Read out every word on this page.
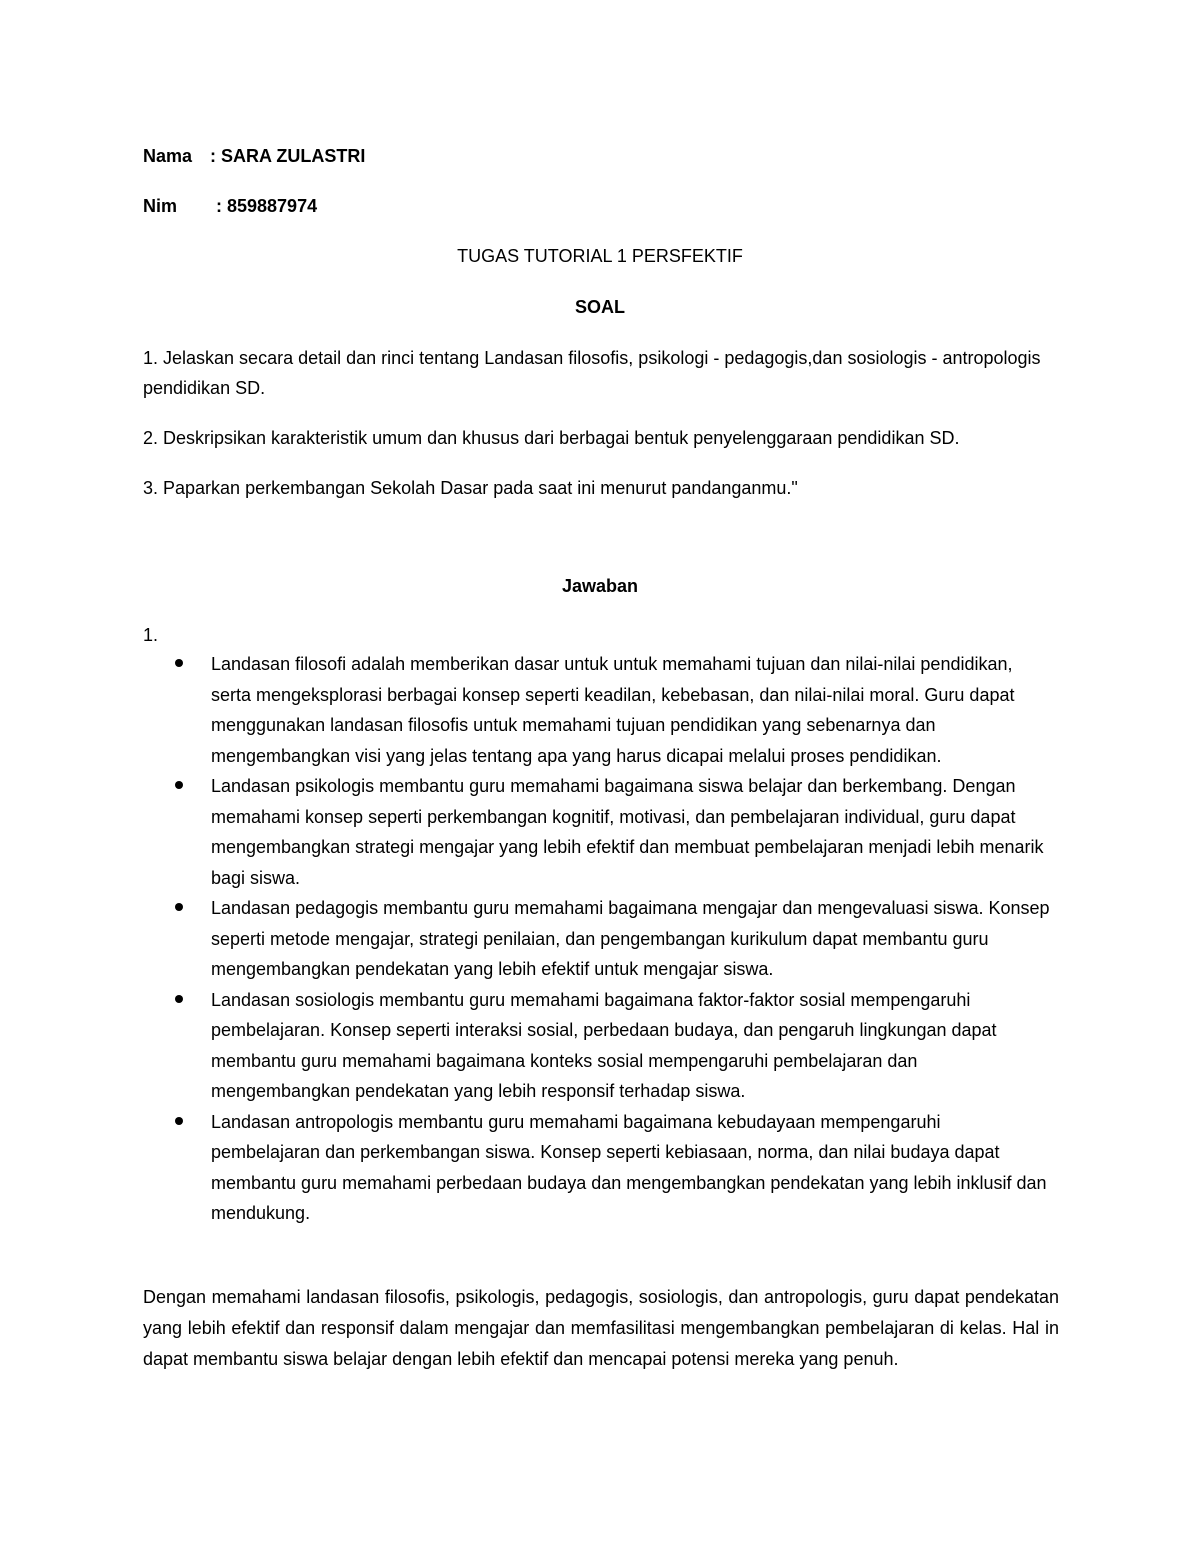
Nama : SARA ZULASTRI
Nim : 859887974
TUGAS TUTORIAL 1 PERSFEKTIF
SOAL
1. Jelaskan secara detail dan rinci tentang Landasan filosofis, psikologi - pedagogis,dan sosiologis - antropologis pendidikan SD.
2. Deskripsikan karakteristik umum dan khusus dari berbagai bentuk penyelenggaraan pendidikan SD.
3. Paparkan perkembangan Sekolah Dasar pada saat ini menurut pandanganmu."
Jawaban
1.
Landasan filosofi adalah memberikan dasar untuk untuk memahami tujuan dan nilai-nilai pendidikan, serta mengeksplorasi berbagai konsep seperti keadilan, kebebasan, dan nilai-nilai moral. Guru dapat menggunakan landasan filosofis untuk memahami tujuan pendidikan yang sebenarnya dan mengembangkan visi yang jelas tentang apa yang harus dicapai melalui proses pendidikan.
Landasan psikologis membantu guru memahami bagaimana siswa belajar dan berkembang. Dengan memahami konsep seperti perkembangan kognitif, motivasi, dan pembelajaran individual, guru dapat mengembangkan strategi mengajar yang lebih efektif dan membuat pembelajaran menjadi lebih menarik bagi siswa.
Landasan pedagogis membantu guru memahami bagaimana mengajar dan mengevaluasi siswa. Konsep seperti metode mengajar, strategi penilaian, dan pengembangan kurikulum dapat membantu guru mengembangkan pendekatan yang lebih efektif untuk mengajar siswa.
Landasan sosiologis membantu guru memahami bagaimana faktor-faktor sosial mempengaruhi pembelajaran. Konsep seperti interaksi sosial, perbedaan budaya, dan pengaruh lingkungan dapat membantu guru memahami bagaimana konteks sosial mempengaruhi pembelajaran dan mengembangkan pendekatan yang lebih responsif terhadap siswa.
Landasan antropologis membantu guru memahami bagaimana kebudayaan mempengaruhi pembelajaran dan perkembangan siswa. Konsep seperti kebiasaan, norma, dan nilai budaya dapat membantu guru memahami perbedaan budaya dan mengembangkan pendekatan yang lebih inklusif dan mendukung.
Dengan memahami landasan filosofis, psikologis, pedagogis, sosiologis, dan antropologis, guru dapat pendekatan yang lebih efektif dan responsif dalam mengajar dan memfasilitasi mengembangkan pembelajaran di kelas. Hal in dapat membantu siswa belajar dengan lebih efektif dan mencapai potensi mereka yang penuh.
